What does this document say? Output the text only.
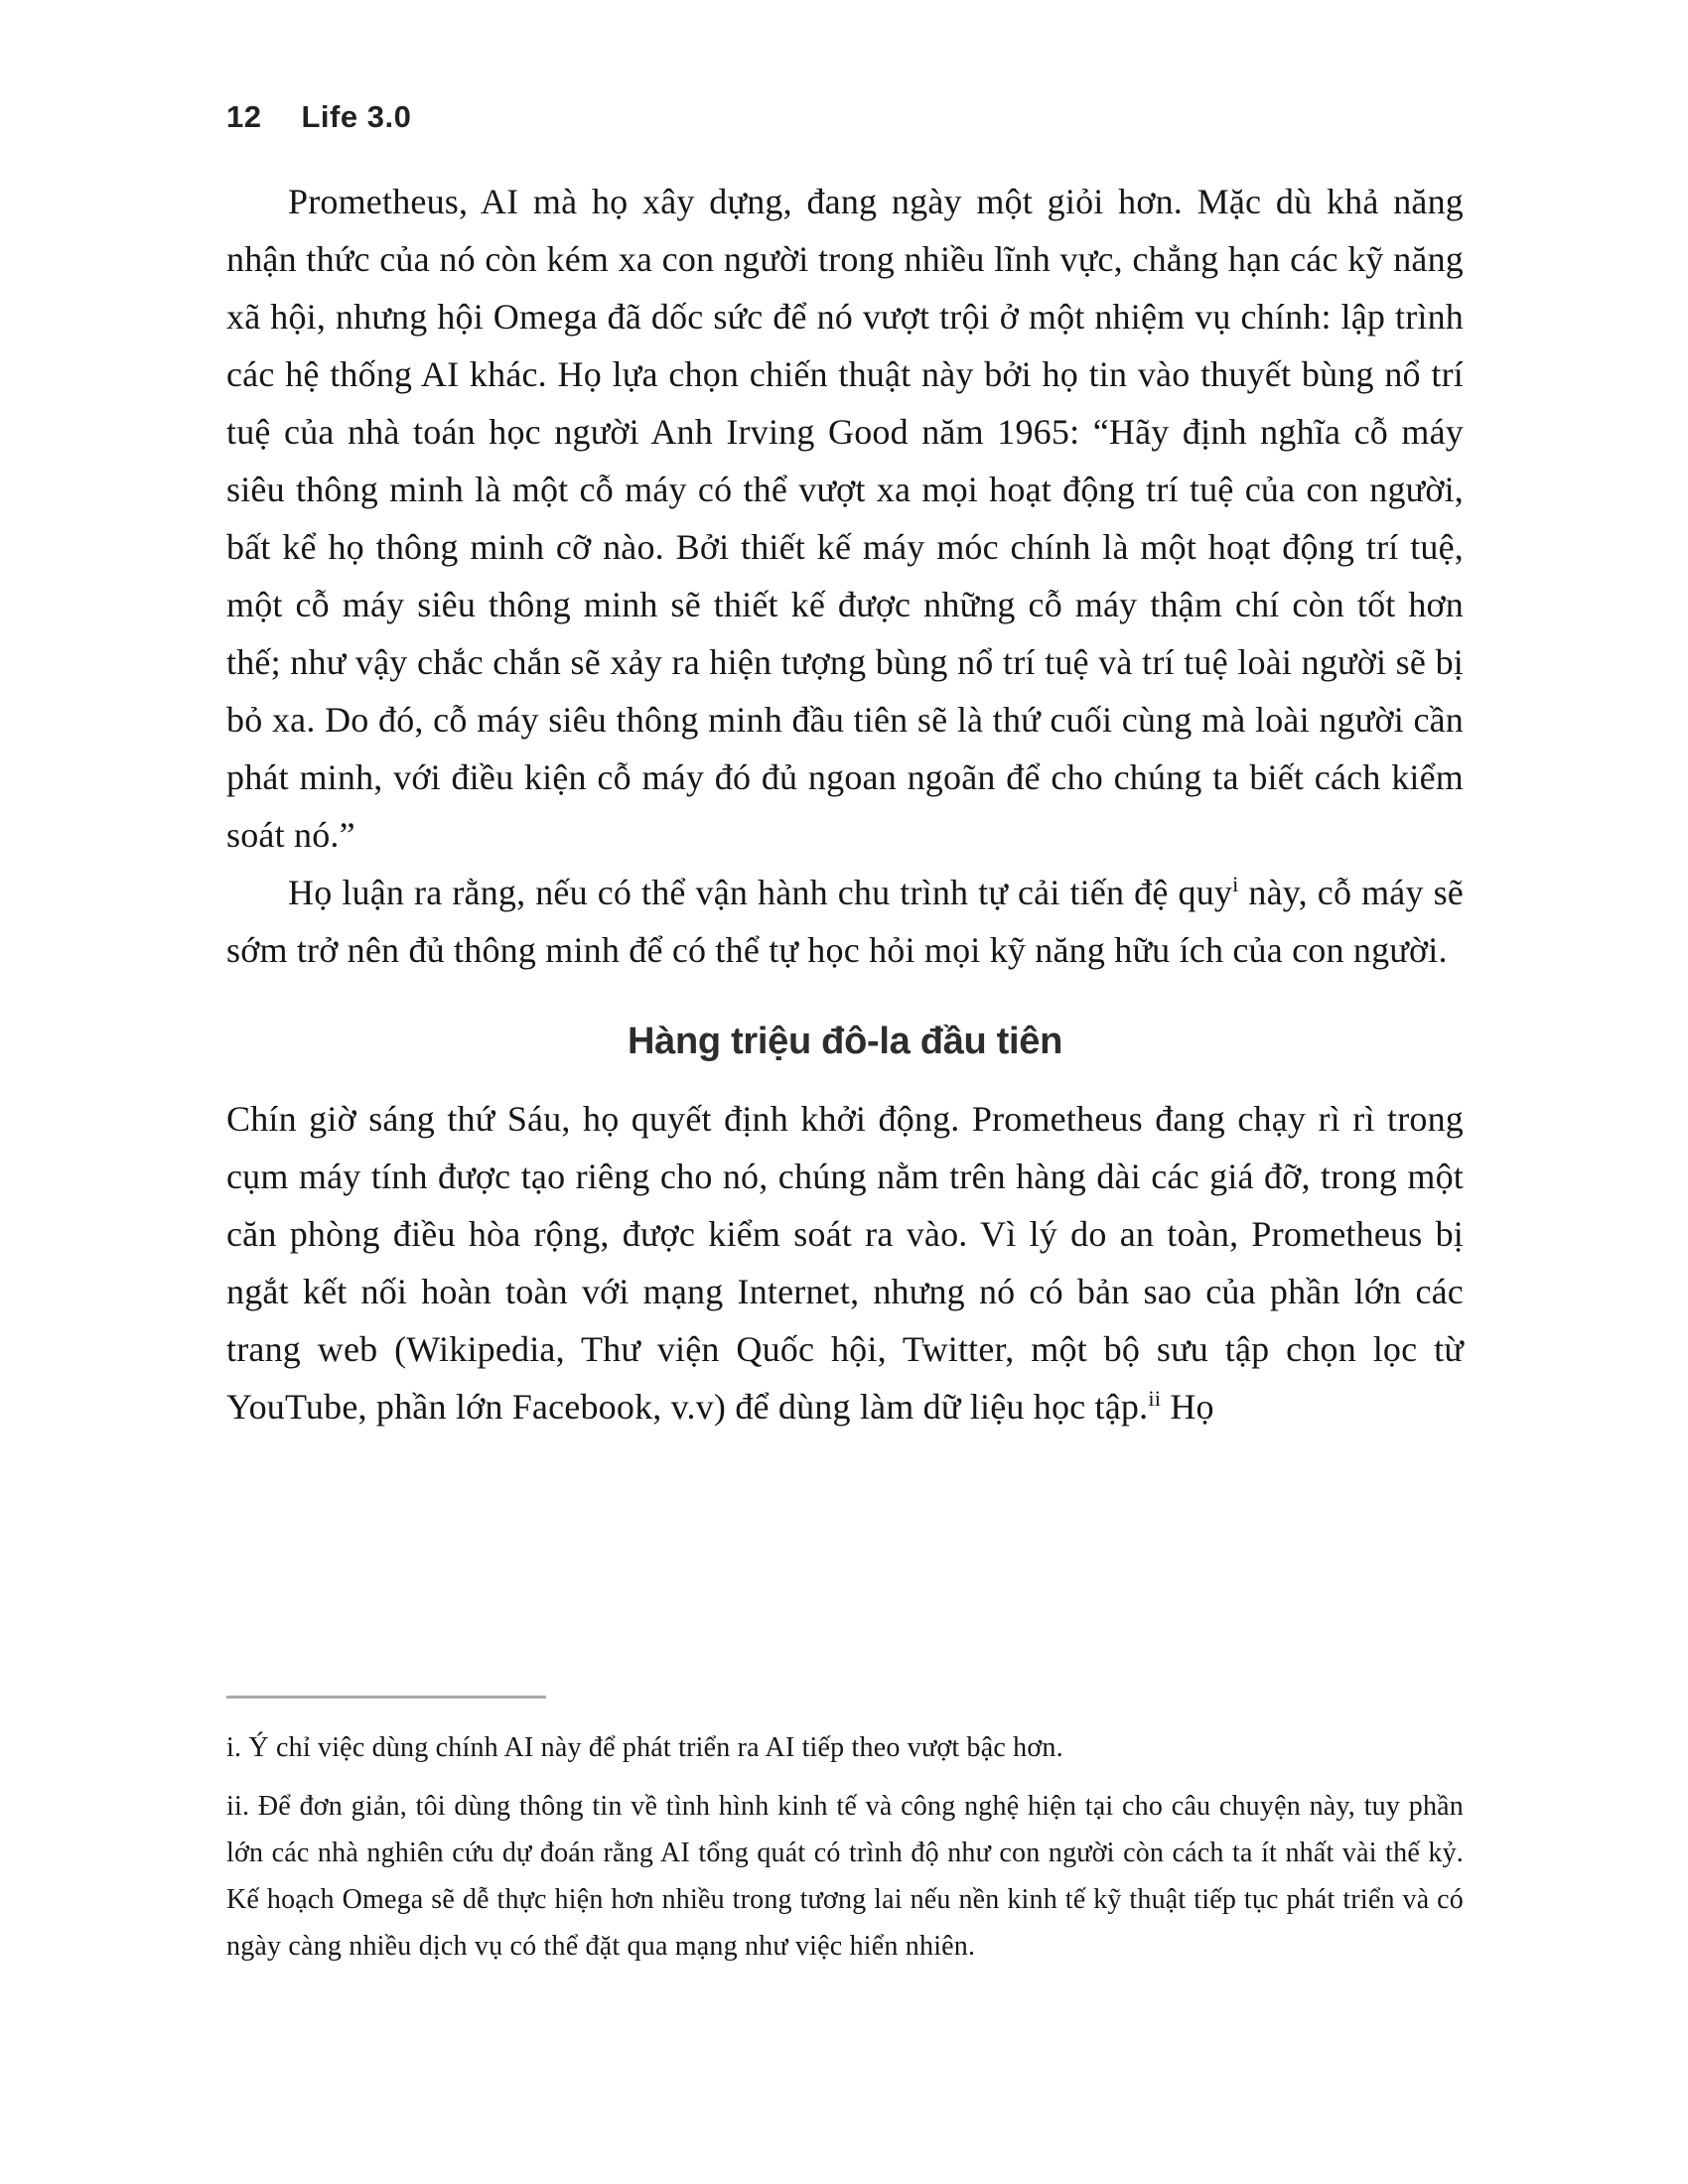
12 Life 3.0

Prometheus, AI mà họ xây dựng, đang ngày một giỏi hơn. Mặc dù khả năng nhận thức của nó còn kém xa con người trong nhiều lĩnh vực, chẳng hạn các kỹ năng xã hội, nhưng hội Omega đã dốc sức để nó vượt trội ở một nhiệm vụ chính: lập trình các hệ thống AI khác. Họ lựa chọn chiến thuật này bởi họ tin vào thuyết bùng nổ trí tuệ của nhà toán học người Anh Irving Good năm 1965: “Hãy định nghĩa cỗ máy siêu thông minh là một cỗ máy có thể vượt xa mọi hoạt động trí tuệ của con người, bất kể họ thông minh cỡ nào. Bởi thiết kế máy móc chính là một hoạt động trí tuệ, một cỗ máy siêu thông minh sẽ thiết kế được những cỗ máy thậm chí còn tốt hơn thế; như vậy chắc chắn sẽ xảy ra hiện tượng bùng nổ trí tuệ và trí tuệ loài người sẽ bị bỏ xa. Do đó, cỗ máy siêu thông minh đầu tiên sẽ là thứ cuối cùng mà loài người cần phát minh, với điều kiện cỗ máy đó đủ ngoan ngoãn để cho chúng ta biết cách kiểm soát nó.”

Họ luận ra rằng, nếu có thể vận hành chu trình tự cải tiến đệ quy$^i$ này, cỗ máy sẽ sớm trở nên đủ thông minh để có thể tự học hỏi mọi kỹ năng hữu ích của con người.

Hàng triệu đô-la đầu tiên

Chín giờ sáng thứ Sáu, họ quyết định khởi động. Prometheus đang chạy rì rì trong cụm máy tính được tạo riêng cho nó, chúng nằm trên hàng dài các giá đỡ, trong một căn phòng điều hòa rộng, được kiểm soát ra vào. Vì lý do an toàn, Prometheus bị ngắt kết nối hoàn toàn với mạng Internet, nhưng nó có bản sao của phần lớn các trang web (Wikipedia, Thư viện Quốc hội, Twitter, một bộ sưu tập chọn lọc từ YouTube, phần lớn Facebook, v.v) để dùng làm dữ liệu học tập.$^{ii}$ Họ

i. Ý chỉ việc dùng chính AI này để phát triển ra AI tiếp theo vượt bậc hơn.

ii. Để đơn giản, tôi dùng thông tin về tình hình kinh tế và công nghệ hiện tại cho câu chuyện này, tuy phần lớn các nhà nghiên cứu dự đoán rằng AI tổng quát có trình độ như con người còn cách ta ít nhất vài thế kỷ. Kế hoạch Omega sẽ dễ thực hiện hơn nhiều trong tương lai nếu nền kinh tế kỹ thuật tiếp tục phát triển và có ngày càng nhiều dịch vụ có thể đặt qua mạng như việc hiển nhiên.
